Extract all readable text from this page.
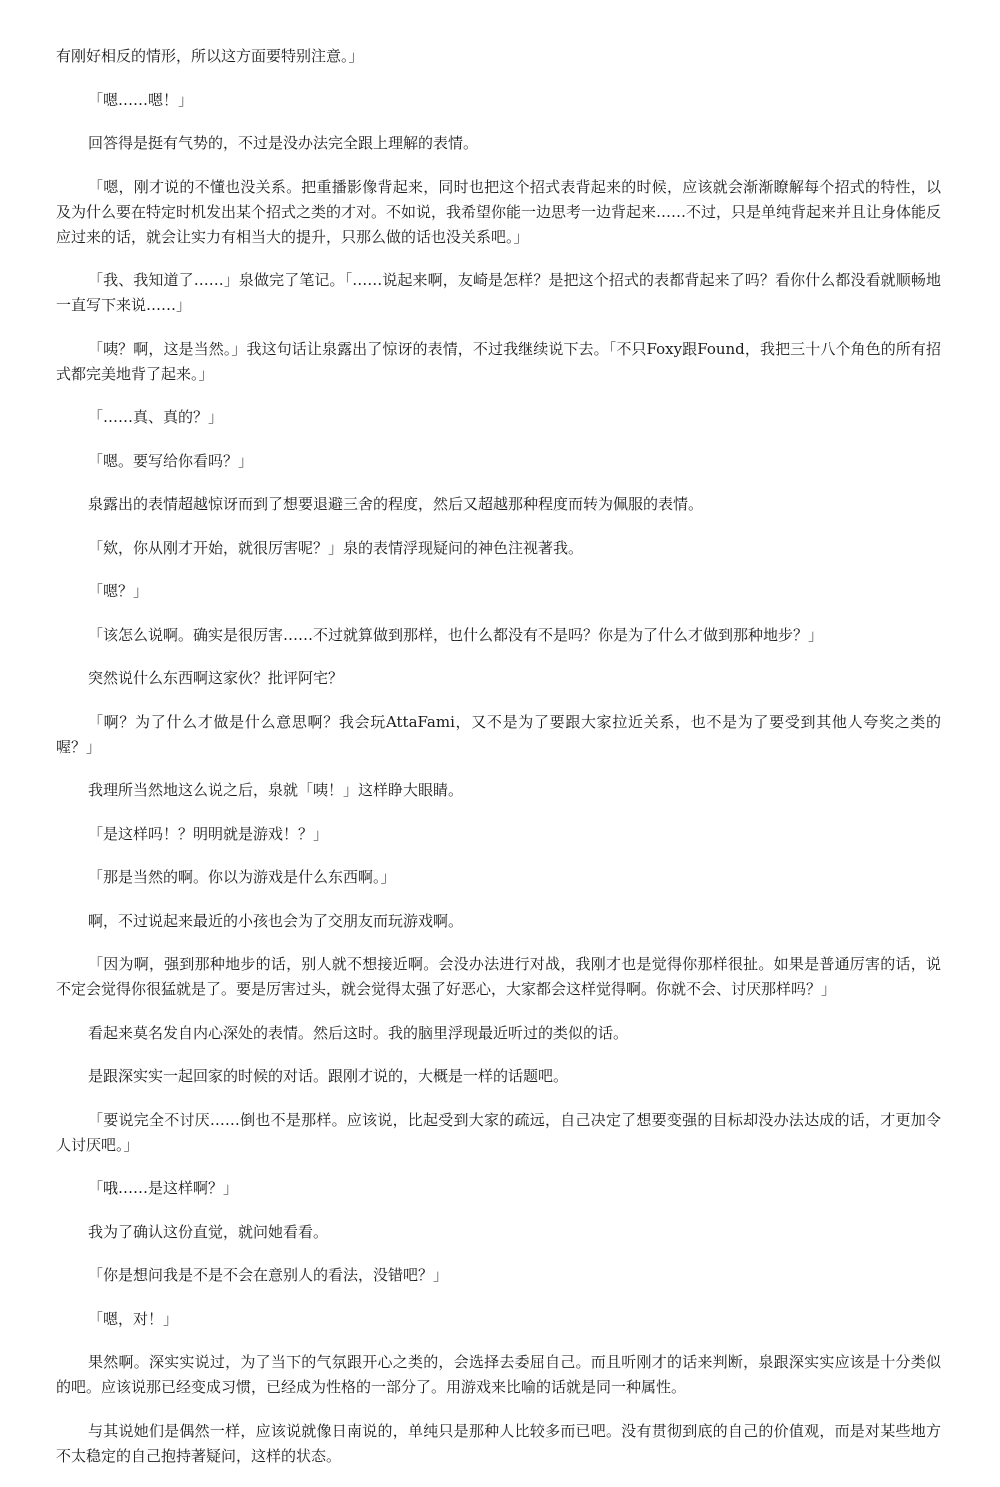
有刚好相反的情形，所以这方面要特别注意。」

「嗯……嗯！」

回答得是挺有气势的，不过是没办法完全跟上理解的表情。

「嗯，刚才说的不懂也没关系。把重播影像背起来，同时也把这个招式表背起来的时候，应该就会渐渐瞭解每个招式的特性，以及为什么要在特定时机发出某个招式之类的才对。不如说，我希望你能一边思考一边背起来……不过，只是单纯背起来并且让身体能反应过来的话，就会让实力有相当大的提升，只那么做的话也没关系吧。」

「我、我知道了……」泉做完了笔记。「……说起来啊，友崎是怎样？是把这个招式的表都背起来了吗？看你什么都没看就顺畅地一直写下来说……」

「咦？啊，这是当然。」我这句话让泉露出了惊讶的表情，不过我继续说下去。「不只Foxy跟Found，我把三十八个角色的所有招式都完美地背了起来。」

「……真、真的？」

「嗯。要写给你看吗？」

泉露出的表情超越惊讶而到了想要退避三舍的程度，然后又超越那种程度而转为佩服的表情。

「欸，你从刚才开始，就很厉害呢？」泉的表情浮现疑问的神色注视著我。

「嗯？」

「该怎么说啊。确实是很厉害……不过就算做到那样，也什么都没有不是吗？你是为了什么才做到那种地步？」

突然说什么东西啊这家伙？批评阿宅？

「啊？为了什么才做是什么意思啊？我会玩AttaFami，又不是为了要跟大家拉近关系，也不是为了要受到其他人夸奖之类的喔？」

我理所当然地这么说之后，泉就「咦！」这样睁大眼睛。

「是这样吗！？明明就是游戏！？」

「那是当然的啊。你以为游戏是什么东西啊。」

啊，不过说起来最近的小孩也会为了交朋友而玩游戏啊。

「因为啊，强到那种地步的话，别人就不想接近啊。会没办法进行对战，我刚才也是觉得你那样很扯。如果是普通厉害的话，说不定会觉得你很猛就是了。要是厉害过头，就会觉得太强了好恶心，大家都会这样觉得啊。你就不会、讨厌那样吗？」

看起来莫名发自内心深处的表情。然后这时。我的脑里浮现最近听过的类似的话。

是跟深实实一起回家的时候的对话。跟刚才说的，大概是一样的话题吧。

「要说完全不讨厌……倒也不是那样。应该说，比起受到大家的疏远，自己决定了想要变强的目标却没办法达成的话，才更加令人讨厌吧。」

「哦……是这样啊？」

我为了确认这份直觉，就问她看看。

「你是想问我是不是不会在意别人的看法，没错吧？」

「嗯，对！」

果然啊。深实实说过，为了当下的气氛跟开心之类的，会选择去委屈自己。而且听刚才的话来判断，泉跟深实实应该是十分类似的吧。应该说那已经变成习惯，已经成为性格的一部分了。用游戏来比喻的话就是同一种属性。

与其说她们是偶然一样，应该说就像日南说的，单纯只是那种人比较多而已吧。没有贯彻到底的自己的价值观，而是对某些地方不太稳定的自己抱持著疑问，这样的状态。
